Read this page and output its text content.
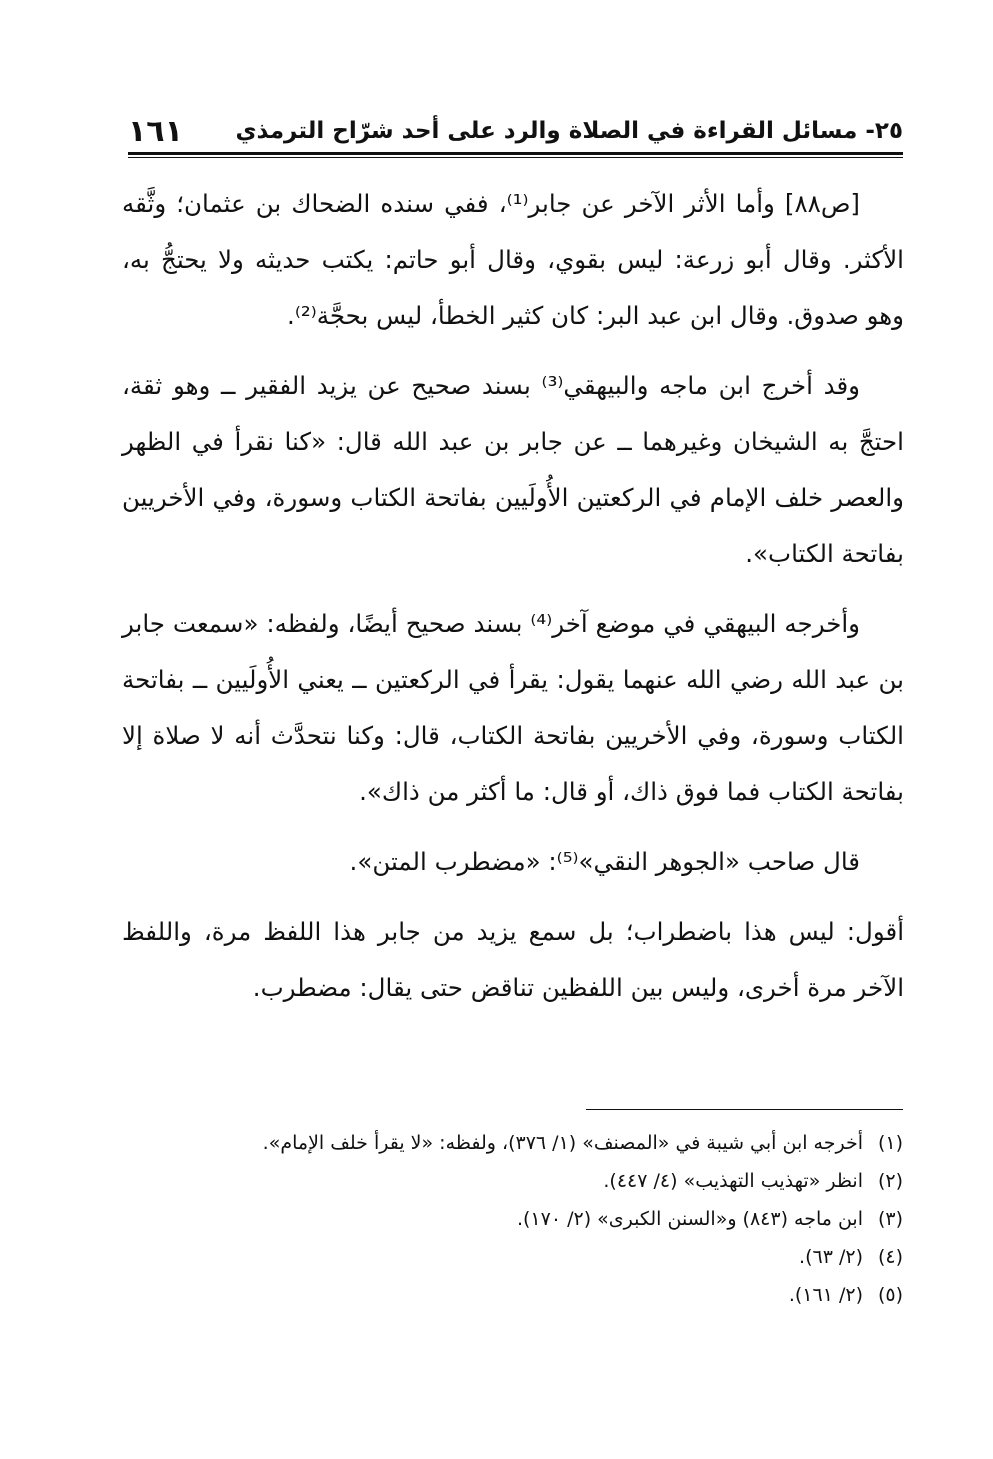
٢٥- مسائل القراءة في الصلاة والرد على أحد شرّاح الترمذي
١٦١

[ص٨٨] وأما الأثر الآخر عن جابر⁽¹⁾، ففي سنده الضحاك بن عثمان؛ وثَّقه الأكثر. وقال أبو زرعة: ليس بقوي، وقال أبو حاتم: يكتب حديثه ولا يحتجُّ به، وهو صدوق. وقال ابن عبد البر: كان كثير الخطأ، ليس بحجَّة⁽²⁾.

وقد أخرج ابن ماجه والبيهقي⁽³⁾ بسند صحيح عن يزيد الفقير ــ وهو ثقة، احتجَّ به الشيخان وغيرهما ــ عن جابر بن عبد الله قال: «كنا نقرأ في الظهر والعصر خلف الإمام في الركعتين الأُولَيين بفاتحة الكتاب وسورة، وفي الأخريين بفاتحة الكتاب».

وأخرجه البيهقي في موضع آخر⁽⁴⁾ بسند صحيح أيضًا، ولفظه: «سمعت جابر بن عبد الله رضي الله عنهما يقول: يقرأ في الركعتين ــ يعني الأُولَيين ــ بفاتحة الكتاب وسورة، وفي الأخريين بفاتحة الكتاب، قال: وكنا نتحدَّث أنه لا صلاة إلا بفاتحة الكتاب فما فوق ذاك، أو قال: ما أكثر من ذاك».

قال صاحب «الجوهر النقي»⁽⁵⁾: «مضطرب المتن».

أقول: ليس هذا باضطراب؛ بل سمع يزيد من جابر هذا اللفظ مرة، واللفظ الآخر مرة أخرى، وليس بين اللفظين تناقض حتى يقال: مضطرب.

(١)
أخرجه ابن أبي شيبة في «المصنف» (١/ ٣٧٦)، ولفظه: «لا يقرأ خلف الإمام».
(٢)
انظر «تهذيب التهذيب» (٤/ ٤٤٧).
(٣)
ابن ماجه (٨٤٣) و«السنن الكبرى» (٢/ ١٧٠).
(٤)
(٢/ ٦٣).
(٥)
(٢/ ١٦١).
